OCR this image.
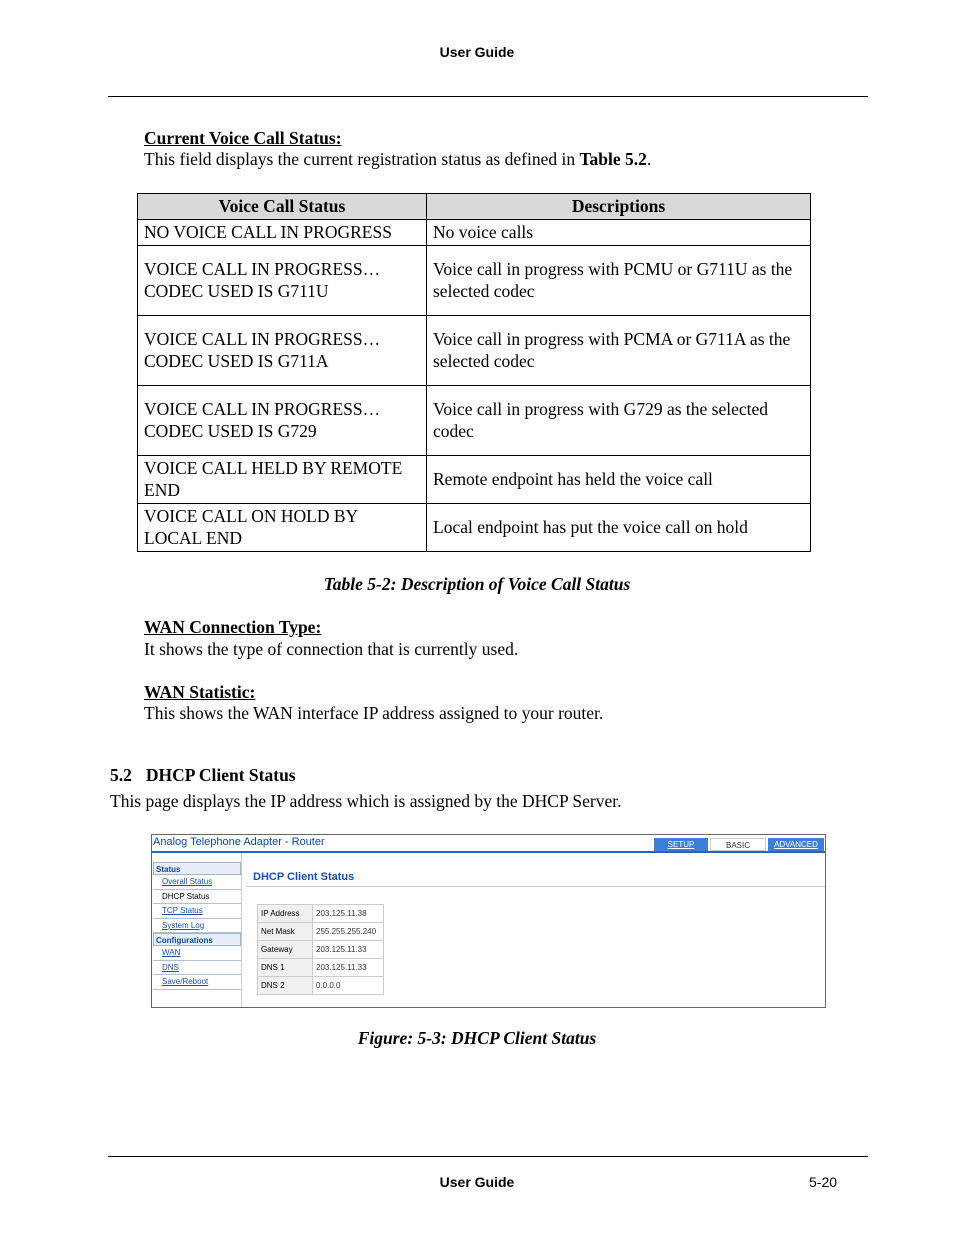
User Guide
Current Voice Call Status:
This field displays the current registration status as defined in Table 5.2.
Voice Call Status	Descriptions
NO VOICE CALL IN PROGRESS	No voice calls
VOICE CALL IN PROGRESS…CODEC USED IS G711U	Voice call in progress with PCMU or G711U as the selected codec
VOICE CALL IN PROGRESS…CODEC USED IS G711A	Voice call in progress with PCMA or G711A as the selected codec
VOICE CALL IN PROGRESS…CODEC USED IS G729	Voice call in progress with G729 as the selected codec
VOICE CALL HELD BY REMOTE END	Remote endpoint has held the voice call
VOICE CALL ON HOLD BY LOCAL END	Local endpoint has put the voice call on hold
Table 5-2: Description of Voice Call Status
WAN Connection Type:
It shows the type of connection that is currently used.
WAN Statistic:
This shows the WAN interface IP address assigned to your router.
5.2 DHCP Client Status
This page displays the IP address which is assigned by the DHCP Server.
Analog Telephone Adapter - Router	SETUP	BASIC	ADVANCED
Status
Overall Status
DHCP Status
TCP Status
System Log
Configurations
WAN
DNS
Save/Reboot
DHCP Client Status
IP Address	203.125.11.38
Net Mask	255.255.255.240
Gateway	203.125.11.33
DNS 1	203.125.11.33
DNS 2	0.0.0.0
Figure: 5-3: DHCP Client Status
User Guide	5-20
